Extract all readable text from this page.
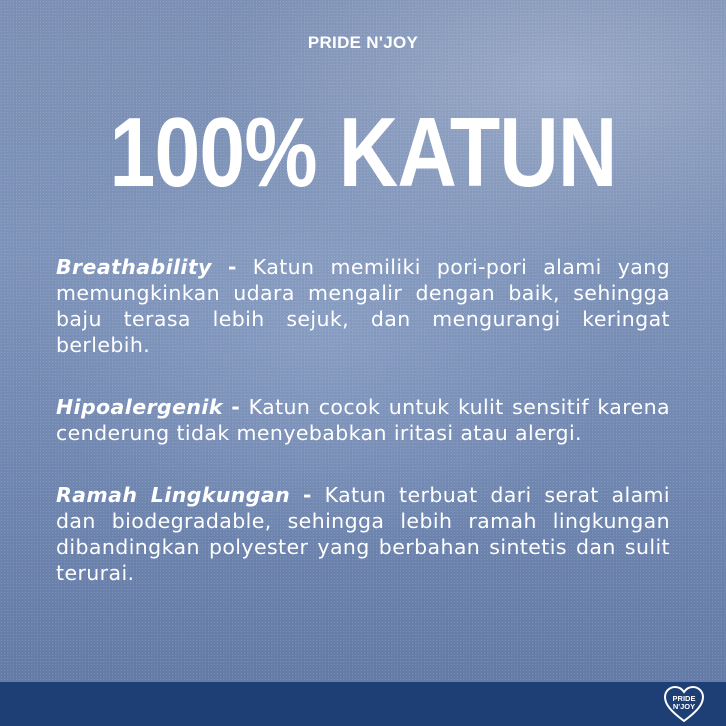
PRIDE N'JOY
100% KATUN

Breathability - Katun memiliki pori-pori alami yang memungkinkan udara mengalir dengan baik, sehingga baju terasa lebih sejuk, dan mengurangi keringat berlebih.

Hipoalergenik - Katun cocok untuk kulit sensitif karena cenderung tidak menyebabkan iritasi atau alergi.

Ramah Lingkungan - Katun terbuat dari serat alami dan biodegradable, sehingga lebih ramah lingkungan dibandingkan polyester yang berbahan sintetis dan sulit terurai.

PRIDE
N'JOY
